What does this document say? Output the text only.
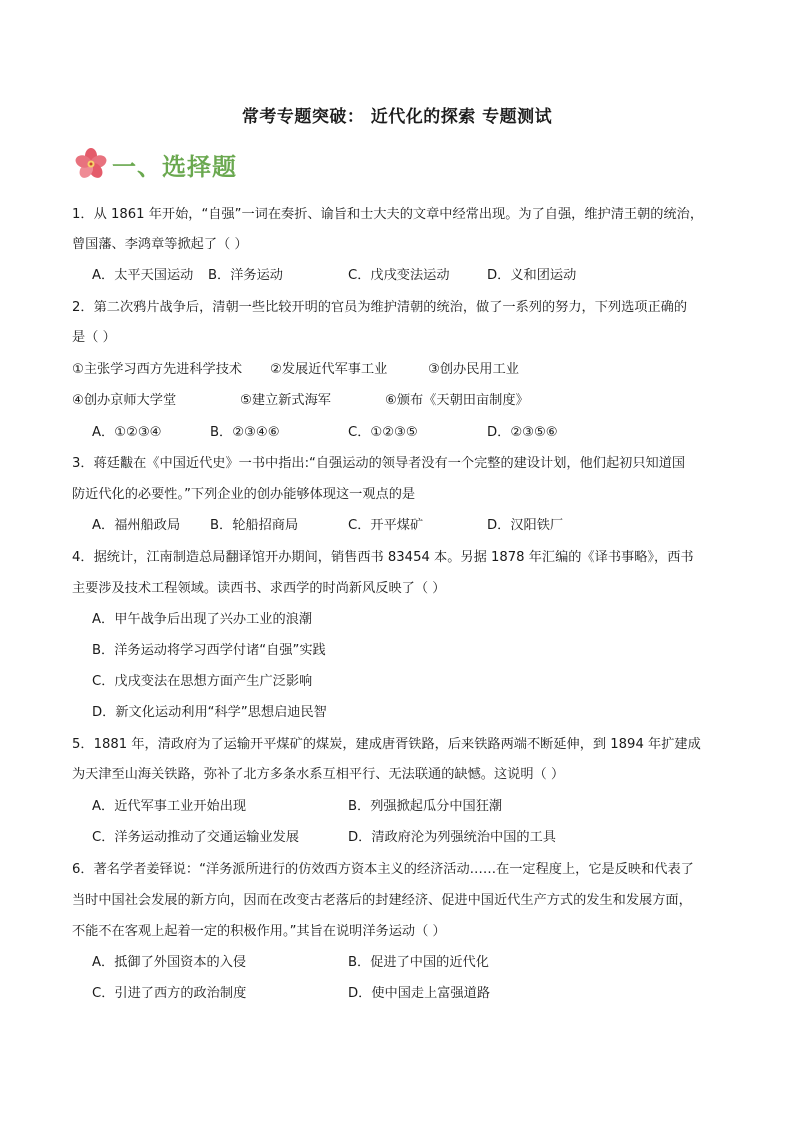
常考专题突破： 近代化的探索 专题测试
一、选择题
1．从 1861 年开始，“自强”一词在奏折、谕旨和士大夫的文章中经常出现。为了自强，维护清王朝的统治，
曾国藩、李鸿章等掀起了（ ）
A．太平天国运动 B．洋务运动	C．戊戌变法运动	D．义和团运动
2．第二次鸦片战争后，清朝一些比较开明的官员为维护清朝的统治，做了一系列的努力，下列选项正确的
是（ ）
①主张学习西方先进科学技术 ②发展近代军事工业	③创办民用工业
④创办京师大学堂	⑤建立新式海军	⑥颁布《天朝田亩制度》
A．①②③④	B．②③④⑥	C．①②③⑤	D．②③⑤⑥
3．蒋廷黻在《中国近代史》一书中指出:“自强运动的领导者没有一个完整的建设计划，他们起初只知道国
防近代化的必要性。”下列企业的创办能够体现这一观点的是
A．福州船政局 B．轮船招商局	C．开平煤矿	D．汉阳铁厂
4．据统计，江南制造总局翻译馆开办期间，销售西书 83454 本。另据 1878 年汇编的《译书事略》，西书
主要涉及技术工程领域。读西书、求西学的时尚新风反映了（ ）
A．甲午战争后出现了兴办工业的浪潮
B．洋务运动将学习西学付诸“自强”实践
C．戊戌变法在思想方面产生广泛影响
D．新文化运动利用“科学”思想启迪民智
5．1881 年，清政府为了运输开平煤矿的煤炭，建成唐胥铁路，后来铁路两端不断延伸，到 1894 年扩建成
为天津至山海关铁路，弥补了北方多条水系互相平行、无法联通的缺憾。这说明（ ）
A．近代军事工业开始出现	B．列强掀起瓜分中国狂潮
C．洋务运动推动了交通运输业发展	D．清政府沦为列强统治中国的工具
6．著名学者姜铎说：“洋务派所进行的仿效西方资本主义的经济活动……在一定程度上，它是反映和代表了
当时中国社会发展的新方向，因而在改变古老落后的封建经济、促进中国近代生产方式的发生和发展方面，
不能不在客观上起着一定的积极作用。”其旨在说明洋务运动（ ）
A．抵御了外国资本的入侵	B．促进了中国的近代化
C．引进了西方的政治制度	D．使中国走上富强道路
